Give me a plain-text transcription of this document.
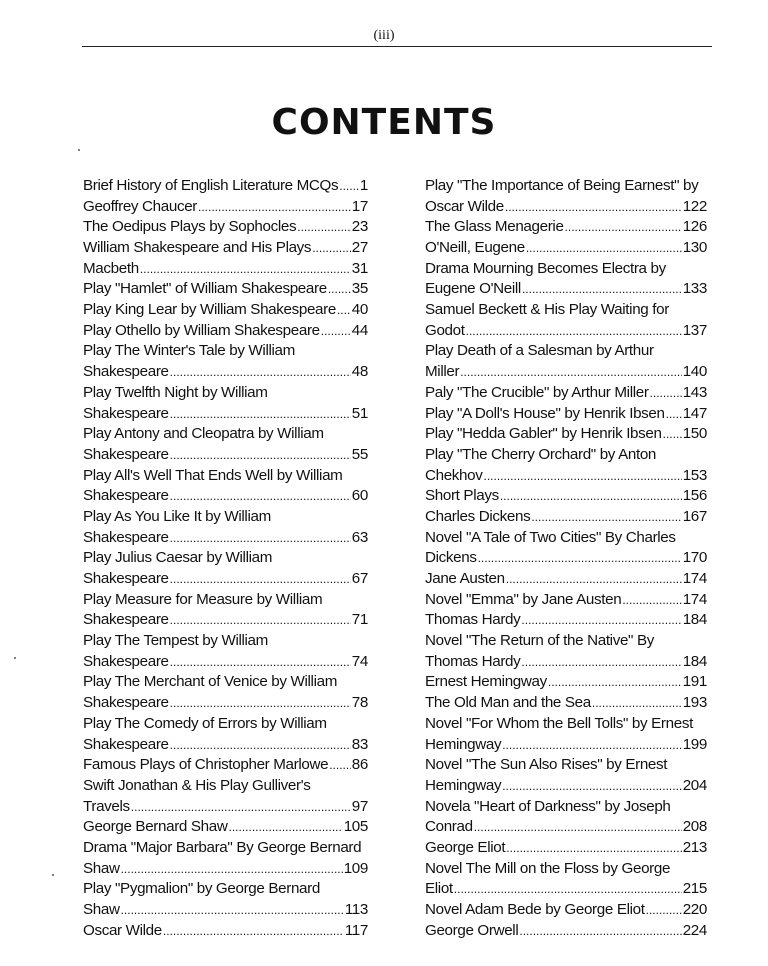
(iii)
CONTENTS
Brief History of English Literature MCQs ..... 1
Geoffrey Chaucer .....	17
The Oedipus Plays by Sophocles .....	23
William Shakespeare and His Plays .....	27
Macbeth .....	31
Play "Hamlet" of William Shakespeare ..... 35
Play King Lear by William Shakespeare ..... 40
Play Othello by William Shakespeare ..... 44
Play The Winter's Tale by William
Shakespeare .....	48
Play Twelfth Night by William
Shakespeare .....	51
Play Antony and Cleopatra by William
Shakespeare .....	55
Play All's Well That Ends Well by William
Shakespeare .....	60
Play As You Like It by William
Shakespeare .....	63
Play Julius Caesar by William
Shakespeare .....	67
Play Measure for Measure by William
Shakespeare .....	71
Play The Tempest by William
Shakespeare .....	74
Play The Merchant of Venice by William
Shakespeare .....	78
Play The Comedy of Errors by William
Shakespeare .....	83
Famous Plays of Christopher Marlowe ..... 86
Swift Jonathan & His Play Gulliver's
Travels .....	97
George Bernard Shaw .....	105
Drama "Major Barbara" By George Bernard
Shaw .....	109
Play "Pygmalion" by George Bernard
Shaw .....	113
Oscar Wilde .....	117
Play "The Importance of Being Earnest" by
Oscar Wilde .....	122
The Glass Menagerie .....	126
O'Neill, Eugene .....	130
Drama Mourning Becomes Electra by
Eugene O'Neill .....	133
Samuel Beckett & His Play Waiting for
Godot .....	137
Play Death of a Salesman by Arthur
Miller .....	140
Paly "The Crucible" by Arthur Miller ..... 143
Play "A Doll's House" by Henrik Ibsen ..... 147
Play "Hedda Gabler" by Henrik Ibsen ..... 150
Play "The Cherry Orchard" by Anton
Chekhov .....	153
Short Plays .....	156
Charles Dickens .....	167
Novel "A Tale of Two Cities" By Charles
Dickens .....	170
Jane Austen .....	174
Novel "Emma" by Jane Austen .....	174
Thomas Hardy .....	184
Novel "The Return of the Native" By
Thomas Hardy .....	184
Ernest Hemingway .....	191
The Old Man and the Sea .....	193
Novel "For Whom the Bell Tolls" by Ernest
Hemingway .....	199
Novel "The Sun Also Rises" by Ernest
Hemingway .....	204
Novela "Heart of Darkness" by Joseph
Conrad .....	208
George Eliot .....	213
Novel The Mill on the Floss by George
Eliot .....	215
Novel Adam Bede by George Eliot .....	220
George Orwell .....	224
